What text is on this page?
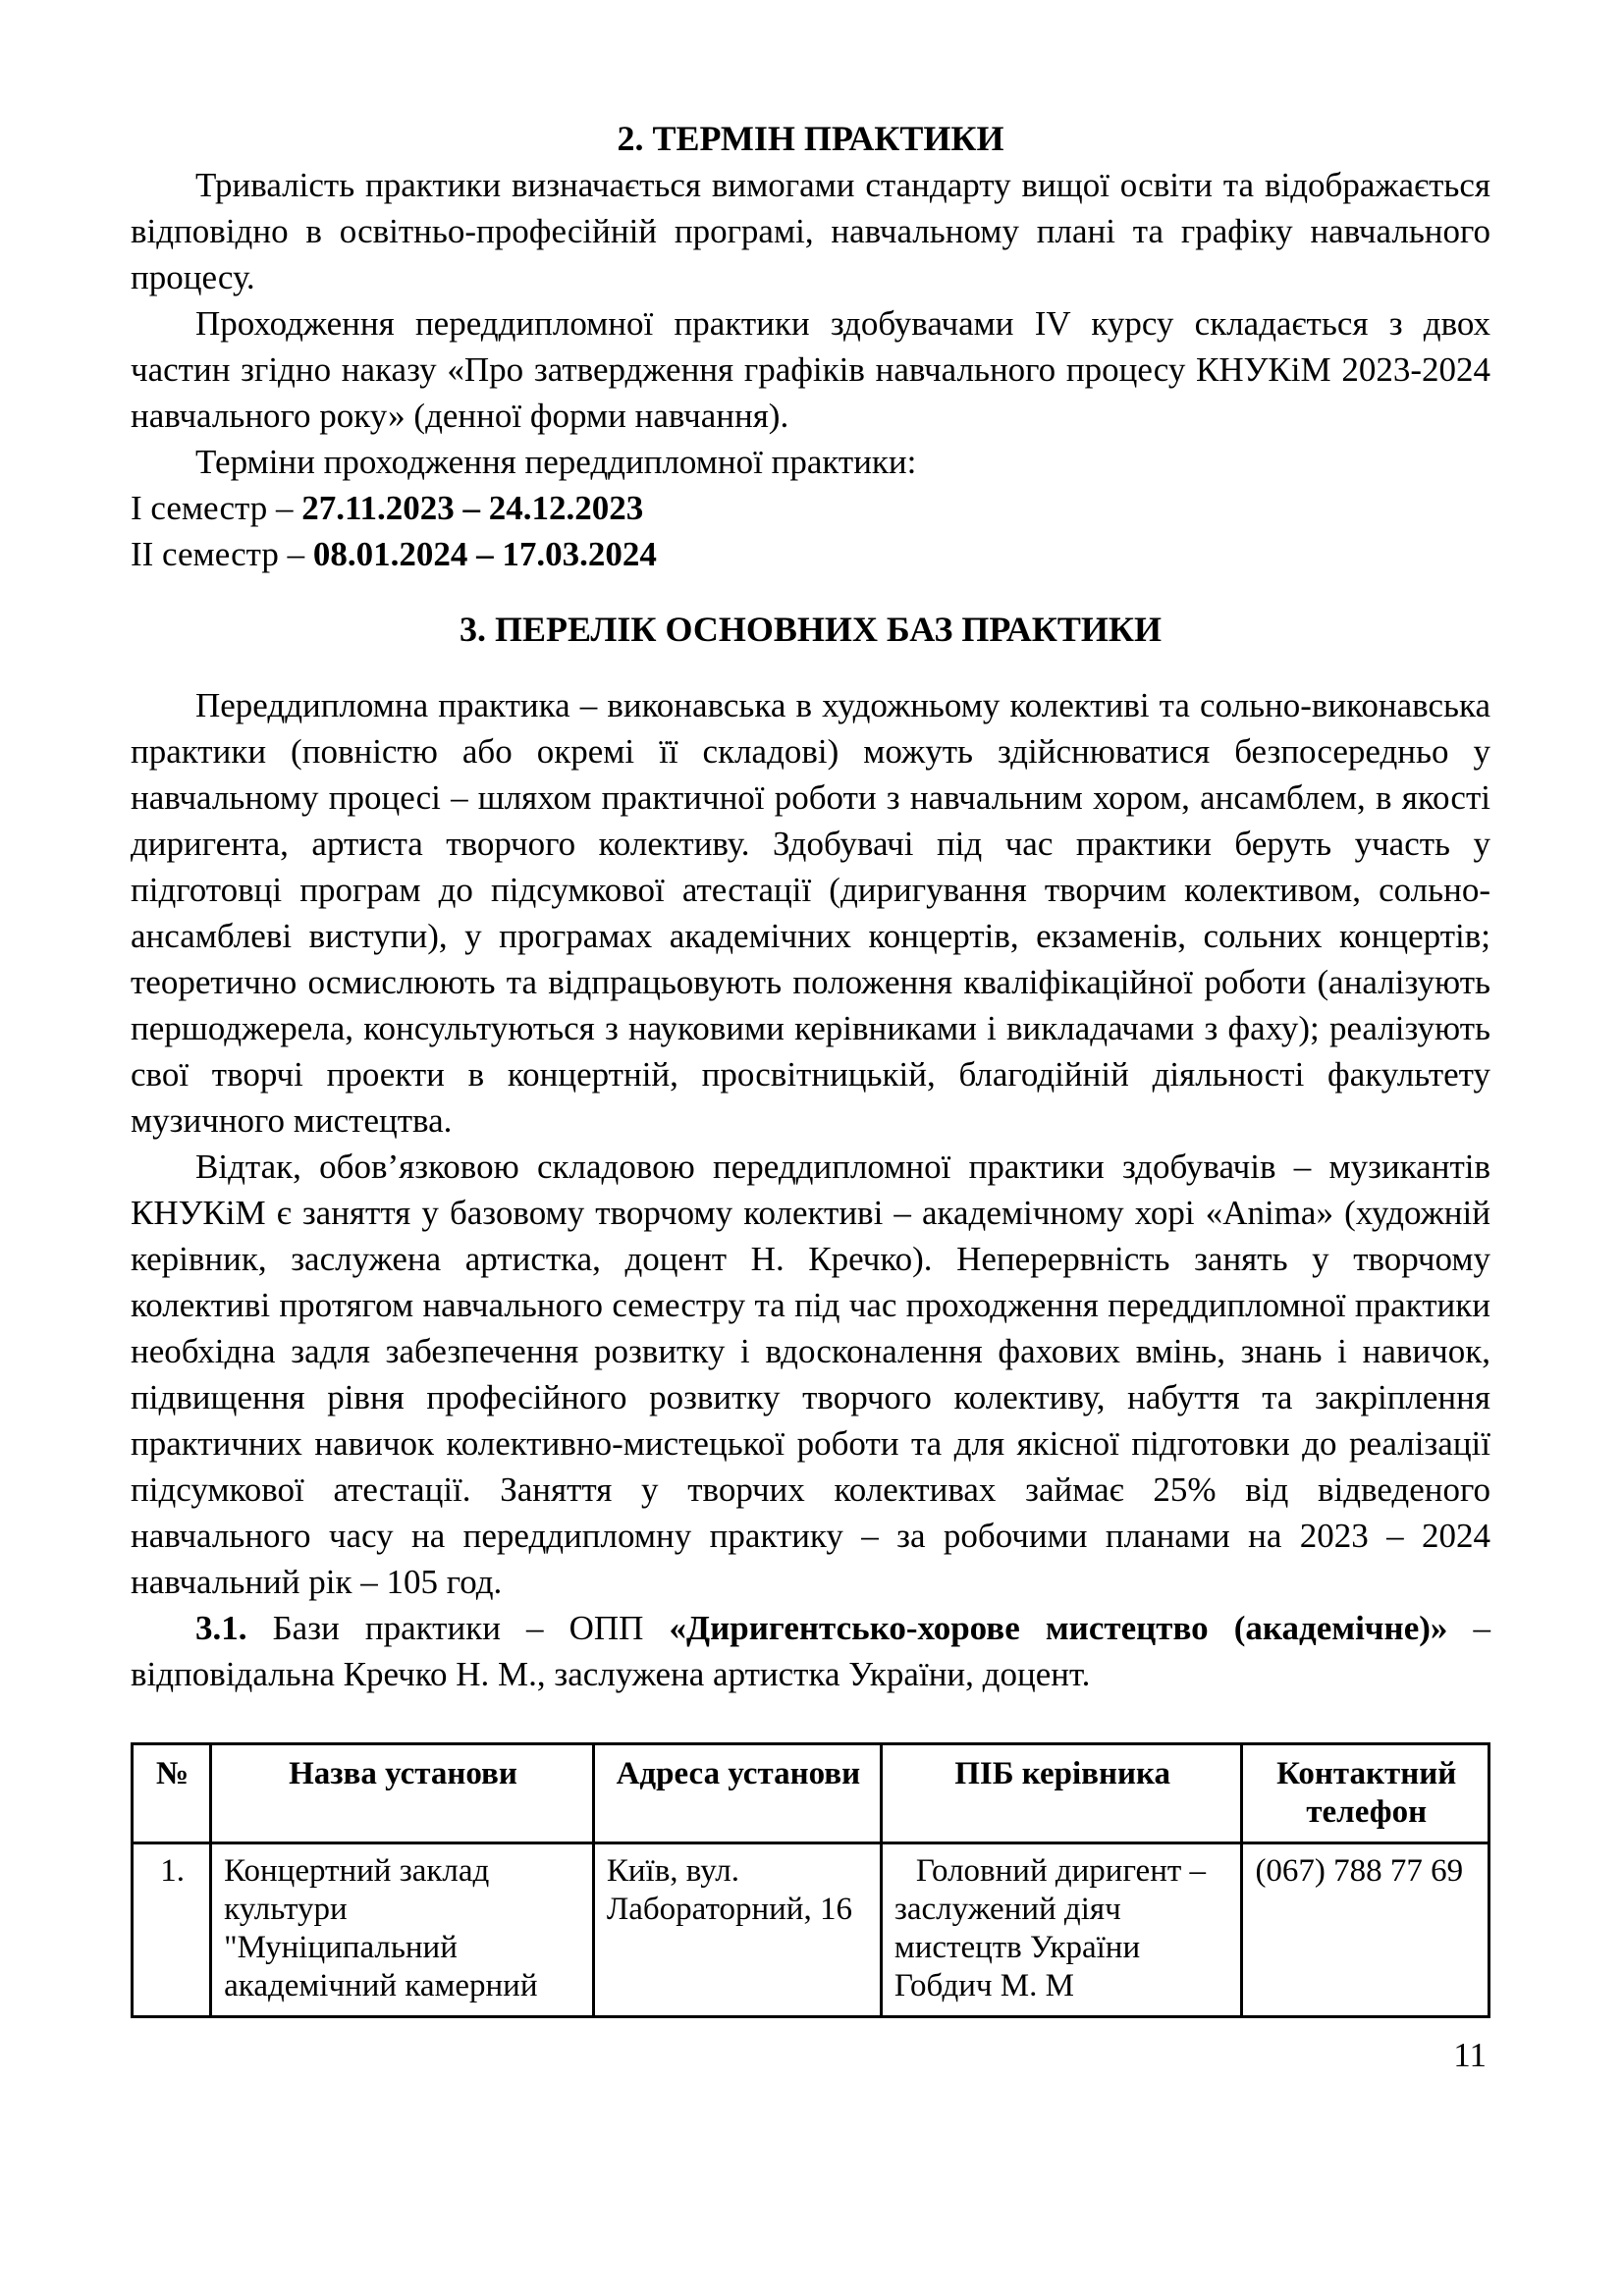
2. ТЕРМІН ПРАКТИКИ

Тривалість практики визначається вимогами стандарту вищої освіти та відображається відповідно в освітньо-професійній програмі, навчальному плані та графіку навчального процесу.

Проходження переддипломної практики здобувачами ІV курсу складається з двох частин згідно наказу «Про затвердження графіків навчального процесу КНУКіМ 2023-2024 навчального року» (денної форми навчання).

Терміни проходження переддипломної практики:

І семестр – 27.11.2023 – 24.12.2023

ІІ семестр – 08.01.2024 – 17.03.2024

3. ПЕРЕЛІК ОСНОВНИХ БАЗ ПРАКТИКИ

Переддипломна практика – виконавська в художньому колективі та сольно-виконавська практики (повністю або окремі її складові) можуть здійснюватися безпосередньо у навчальному процесі – шляхом практичної роботи з навчальним хором, ансамблем, в якості диригента, артиста творчого колективу. Здобувачі під час практики беруть участь у підготовці програм до підсумкової атестації (диригування творчим колективом, сольно-ансамблеві виступи), у програмах академічних концертів, екзаменів, сольних концертів; теоретично осмислюють та відпрацьовують положення кваліфікаційної роботи (аналізують першоджерела, консультуються з науковими керівниками і викладачами з фаху); реалізують свої творчі проекти в концертній, просвітницькій, благодійній діяльності факультету музичного мистецтва.

Відтак, обов’язковою складовою переддипломної практики здобувачів – музикантів КНУКіМ є заняття у базовому творчому колективі – академічному хорі «Anima» (художній керівник, заслужена артистка, доцент Н. Кречко). Неперервність занять у творчому колективі протягом навчального семестру та під час проходження переддипломної практики необхідна задля забезпечення розвитку і вдосконалення фахових вмінь, знань і навичок, підвищення рівня професійного розвитку творчого колективу, набуття та закріплення практичних навичок колективно-мистецької роботи та для якісної підготовки до реалізації підсумкової атестації. Заняття у творчих колективах займає 25% від відведеного навчального часу на переддипломну практику – за робочими планами на 2023 – 2024 навчальний рік – 105 год.

3.1. Бази практики – ОПП «Диригентсько-хорове мистецтво (академічне)» – відповідальна Кречко Н. М., заслужена артистка України, доцент.

№	Назва установи	Адреса установи	ПІБ керівника	Контактний телефон
1.	Концертний заклад культури "Муніципальний академічний камерний	Київ, вул. Лабораторний, 16	Головний диригент – заслужений діяч мистецтв України Гобдич М. М	(067) 788 77 69
11
